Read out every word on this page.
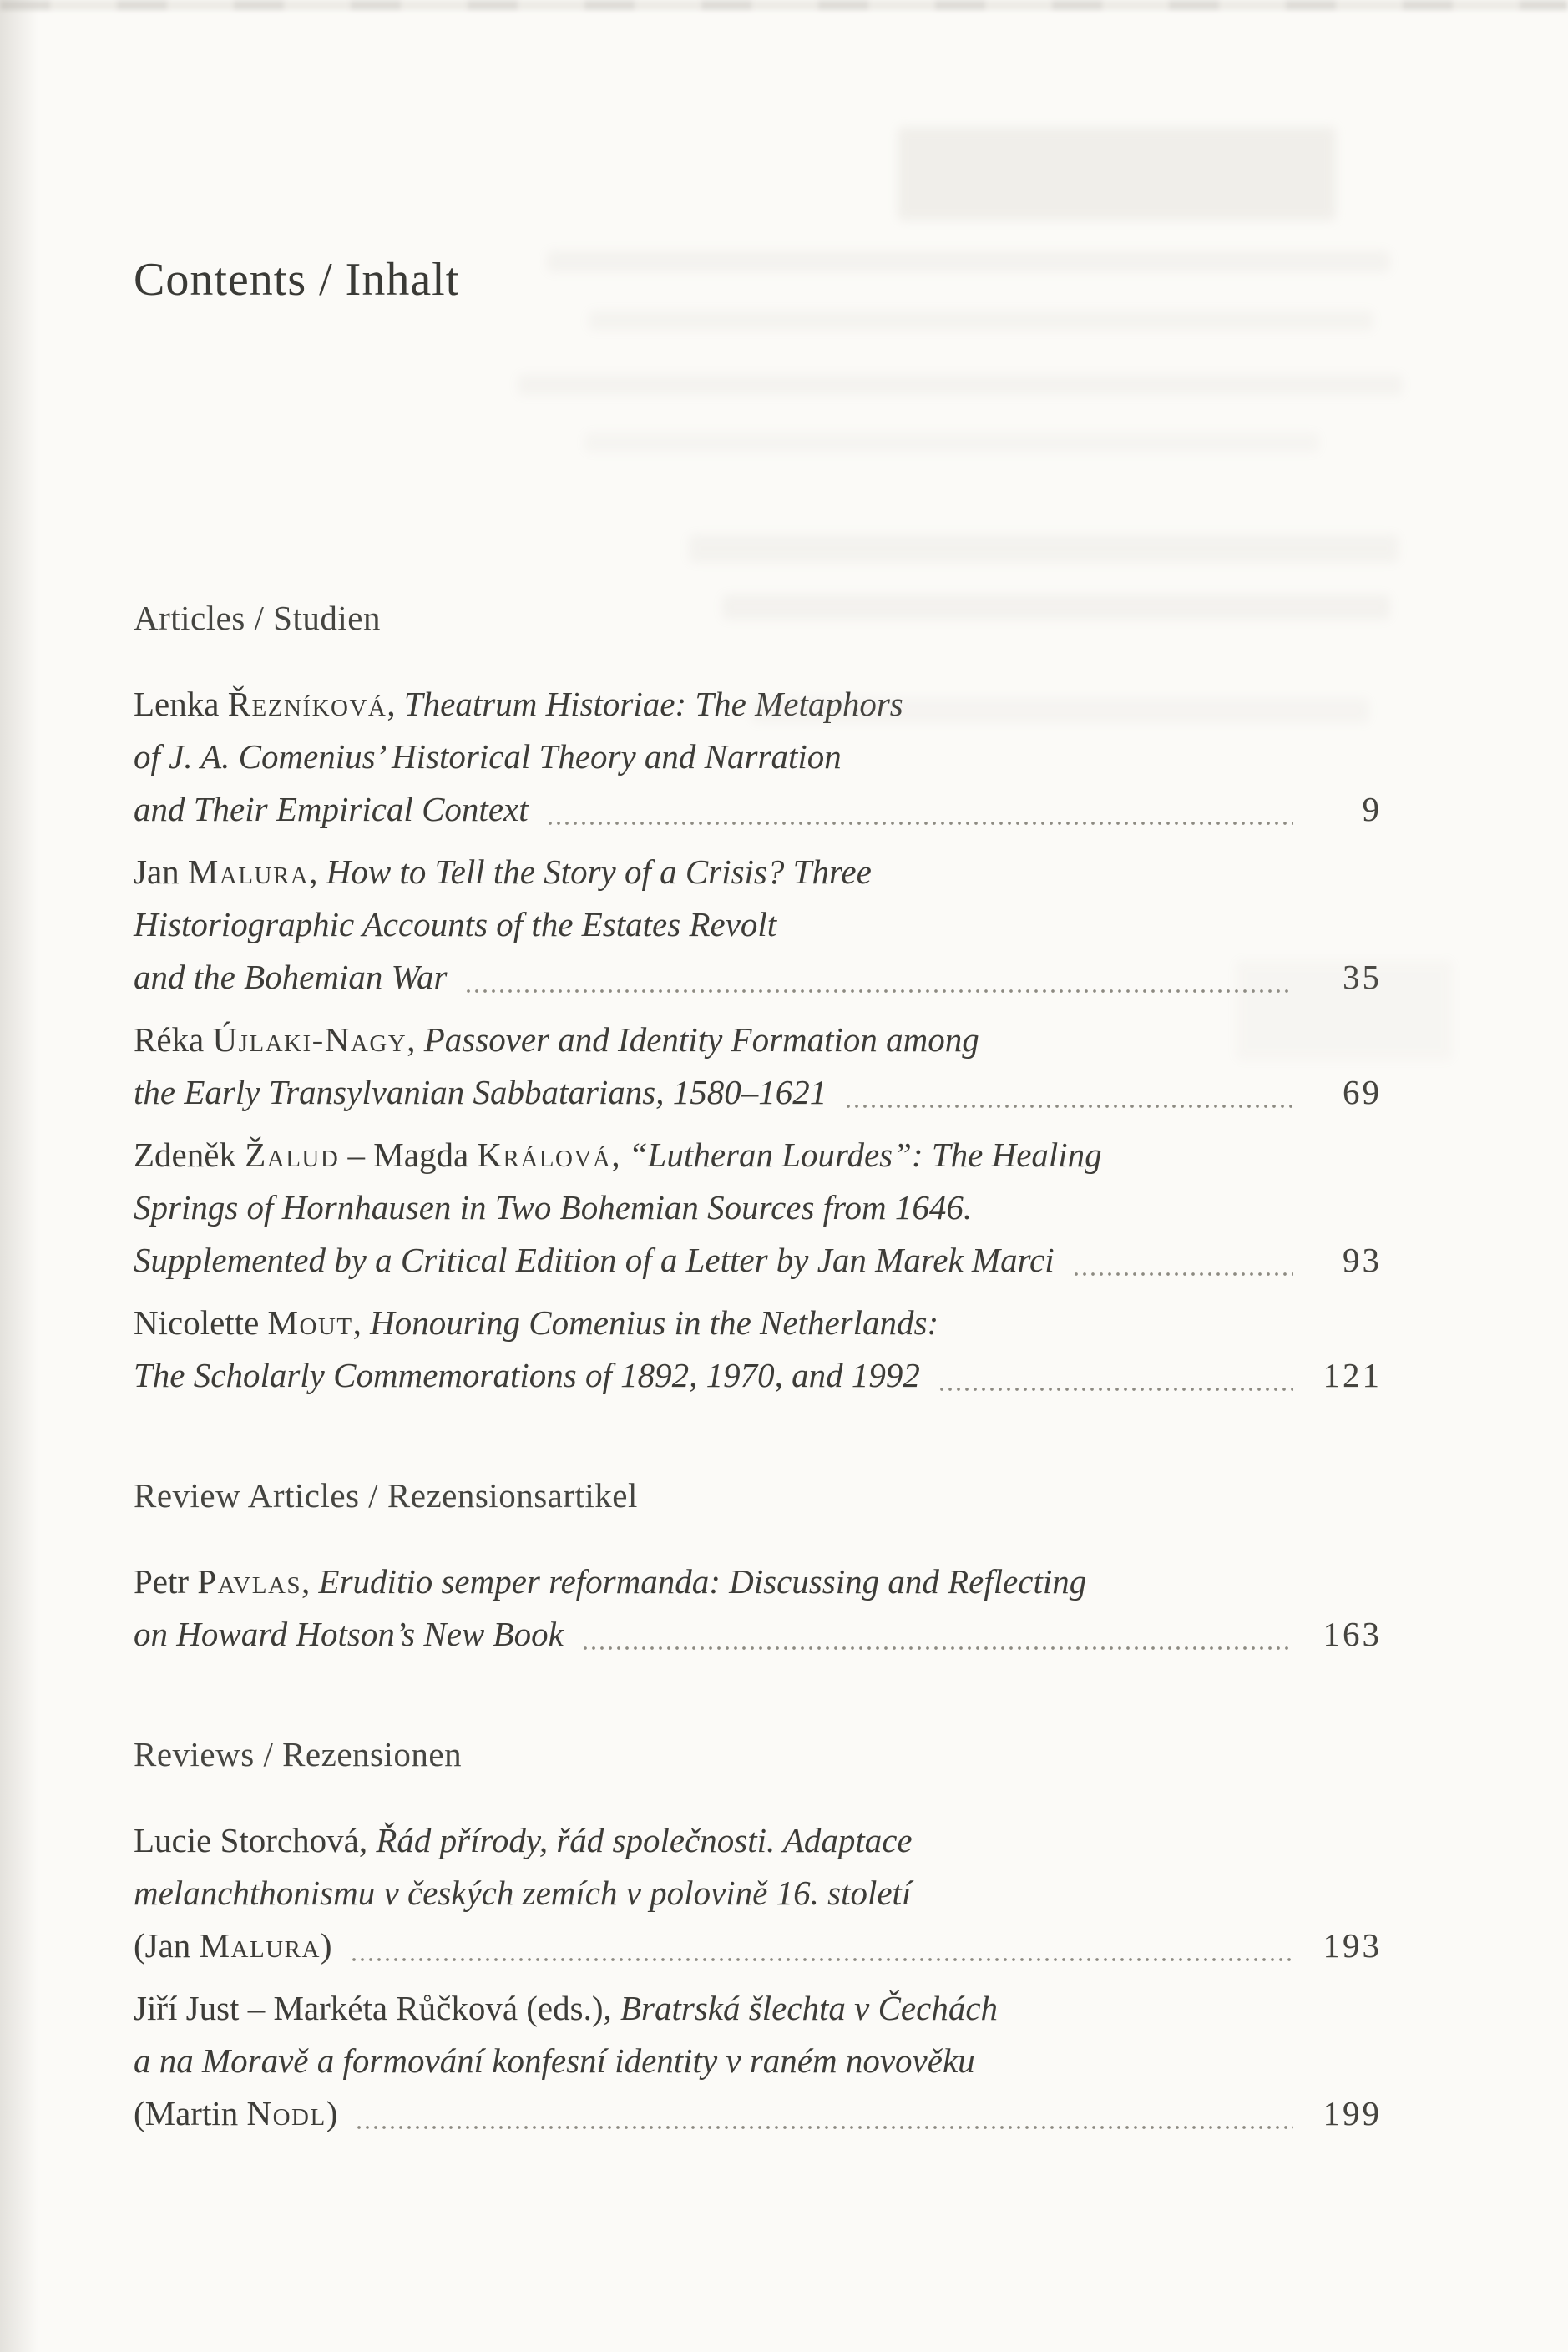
Contents / Inhalt
Articles / Studien
Lenka Řezníková, Theatrum Historiae: The Metaphors
of J. A. Comenius’ Historical Theory and Narration
and Their Empirical Context	9
Jan Malura, How to Tell the Story of a Crisis? Three
Historiographic Accounts of the Estates Revolt
and the Bohemian War	35
Réka Újlaki-Nagy, Passover and Identity Formation among
the Early Transylvanian Sabbatarians, 1580–1621	69
Zdeněk Žalud – Magda Králová, “Lutheran Lourdes”: The Healing
Springs of Hornhausen in Two Bohemian Sources from 1646.
Supplemented by a Critical Edition of a Letter by Jan Marek Marci	93
Nicolette Mout, Honouring Comenius in the Netherlands:
The Scholarly Commemorations of 1892, 1970, and 1992	121
Review Articles / Rezensionsartikel
Petr Pavlas, Eruditio semper reformanda: Discussing and Reflecting
on Howard Hotson’s New Book	163
Reviews / Rezensionen
Lucie Storchová, Řád přírody, řád společnosti. Adaptace
melanchthonismu v českých zemích v polovině 16. století
(Jan Malura)	193
Jiří Just – Markéta Růčková (eds.), Bratrská šlechta v Čechách
a na Moravě a formování konfesní identity v raném novověku
(Martin Nodl)	199
